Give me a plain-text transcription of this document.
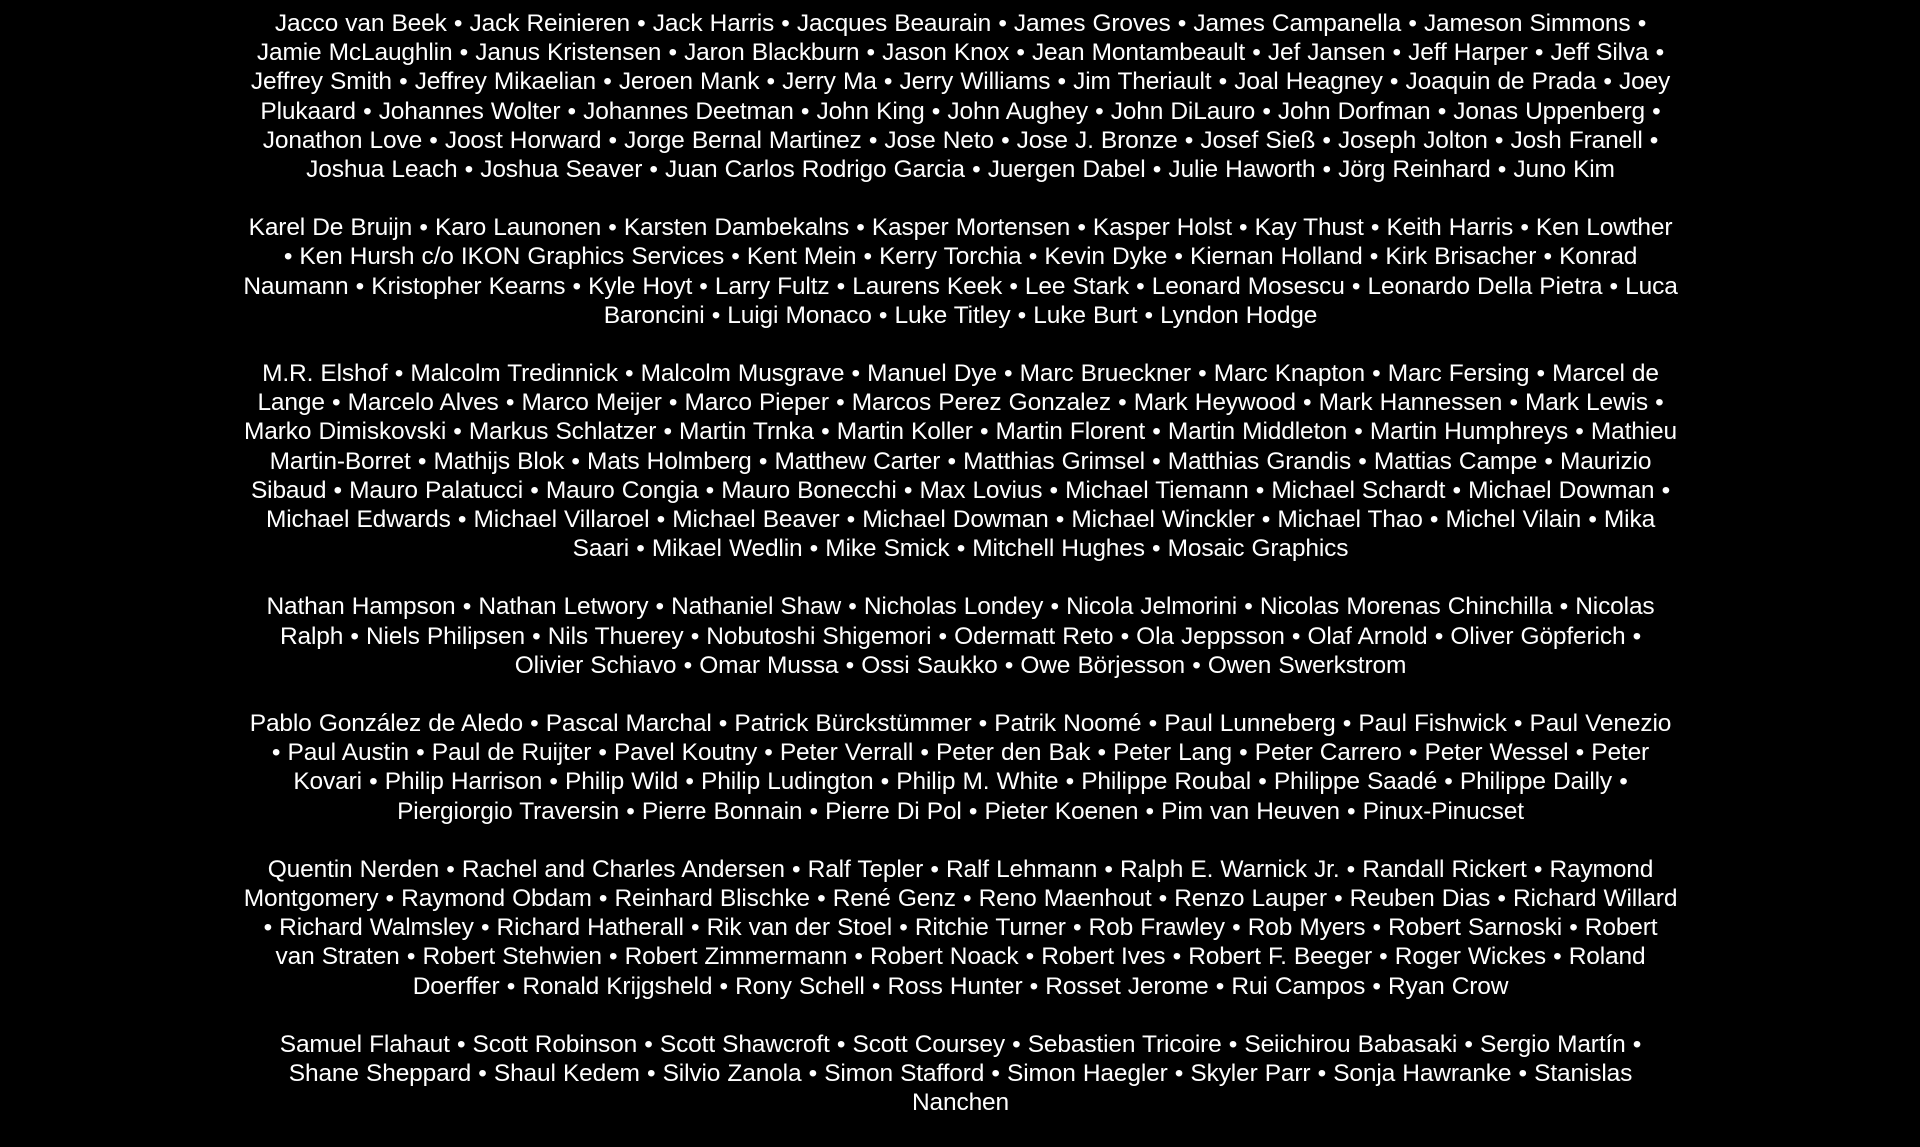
Jacco van Beek • Jack Reinieren • Jack Harris • Jacques Beaurain • James Groves • James Campanella • Jameson Simmons • Jamie McLaughlin • Janus Kristensen • Jaron Blackburn • Jason Knox • Jean Montambeault • Jef Jansen • Jeff Harper • Jeff Silva • Jeffrey Smith • Jeffrey Mikaelian • Jeroen Mank • Jerry Ma • Jerry Williams • Jim Theriault • Joal Heagney • Joaquin de Prada • Joey Plukaard • Johannes Wolter • Johannes Deetman • John King • John Aughey • John DiLauro • John Dorfman • Jonas Uppenberg • Jonathon Love • Joost Horward • Jorge Bernal Martinez • Jose Neto • Jose J. Bronze • Josef Sieß • Joseph Jolton • Josh Franell • Joshua Leach • Joshua Seaver • Juan Carlos Rodrigo Garcia • Juergen Dabel • Julie Haworth • Jörg Reinhard • Juno Kim

Karel De Bruijn • Karo Launonen • Karsten Dambekalns • Kasper Mortensen • Kasper Holst • Kay Thust • Keith Harris • Ken Lowther • Ken Hursh c/o IKON Graphics Services • Kent Mein • Kerry Torchia • Kevin Dyke • Kiernan Holland • Kirk Brisacher • Konrad Naumann • Kristopher Kearns • Kyle Hoyt • Larry Fultz • Laurens Keek • Lee Stark • Leonard Mosescu • Leonardo Della Pietra • Luca Baroncini • Luigi Monaco • Luke Titley • Luke Burt • Lyndon Hodge

M.R. Elshof • Malcolm Tredinnick • Malcolm Musgrave • Manuel Dye • Marc Brueckner • Marc Knapton • Marc Fersing • Marcel de Lange • Marcelo Alves • Marco Meijer • Marco Pieper • Marcos Perez Gonzalez • Mark Heywood • Mark Hannessen • Mark Lewis • Marko Dimiskovski • Markus Schlatzer • Martin Trnka • Martin Koller • Martin Florent • Martin Middleton • Martin Humphreys • Mathieu Martin-Borret • Mathijs Blok • Mats Holmberg • Matthew Carter • Matthias Grimsel • Matthias Grandis • Mattias Campe • Maurizio Sibaud • Mauro Palatucci • Mauro Congia • Mauro Bonecchi • Max Lovius • Michael Tiemann • Michael Schardt • Michael Dowman • Michael Edwards • Michael Villaroel • Michael Beaver • Michael Dowman • Michael Winckler • Michael Thao • Michel Vilain • Mika Saari • Mikael Wedlin • Mike Smick • Mitchell Hughes • Mosaic Graphics

Nathan Hampson • Nathan Letwory • Nathaniel Shaw • Nicholas Londey • Nicola Jelmorini • Nicolas Morenas Chinchilla • Nicolas Ralph • Niels Philipsen • Nils Thuerey • Nobutoshi Shigemori • Odermatt Reto • Ola Jeppsson • Olaf Arnold • Oliver Göpferich • Olivier Schiavo • Omar Mussa • Ossi Saukko • Owe Börjesson • Owen Swerkstrom

Pablo González de Aledo • Pascal Marchal • Patrick Bürckstümmer • Patrik Noomé • Paul Lunneberg • Paul Fishwick • Paul Venezio • Paul Austin • Paul de Ruijter • Pavel Koutny • Peter Verrall • Peter den Bak • Peter Lang • Peter Carrero • Peter Wessel • Peter Kovari • Philip Harrison • Philip Wild • Philip Ludington • Philip M. White • Philippe Roubal • Philippe Saadé • Philippe Dailly • Piergiorgio Traversin • Pierre Bonnain • Pierre Di Pol • Pieter Koenen • Pim van Heuven • Pinux-Pinucset

Quentin Nerden • Rachel and Charles Andersen • Ralf Tepler • Ralf Lehmann • Ralph E. Warnick Jr. • Randall Rickert • Raymond Montgomery • Raymond Obdam • Reinhard Blischke • René Genz • Reno Maenhout • Renzo Lauper • Reuben Dias • Richard Willard • Richard Walmsley • Richard Hatherall • Rik van der Stoel • Ritchie Turner • Rob Frawley • Rob Myers • Robert Sarnoski • Robert van Straten • Robert Stehwien • Robert Zimmermann • Robert Noack • Robert Ives • Robert F. Beeger • Roger Wickes • Roland Doerffer • Ronald Krijgsheld • Rony Schell • Ross Hunter • Rosset Jerome • Rui Campos • Ryan Crow

Samuel Flahaut • Scott Robinson • Scott Shawcroft • Scott Coursey • Sebastien Tricoire • Seiichirou Babasaki • Sergio Martín • Shane Sheppard • Shaul Kedem • Silvio Zanola • Simon Stafford • Simon Haegler • Skyler Parr • Sonja Hawranke • Stanislas Nanchen
